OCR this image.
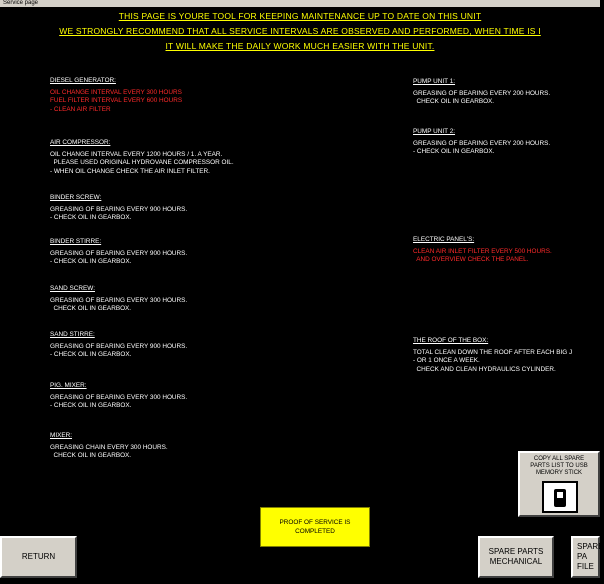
Service page
THIS PAGE IS YOURE TOOL FOR KEEPING MAINTENANCE UP TO DATE ON THIS UNIT
WE STRONGLY RECOMMEND THAT ALL SERVICE INTERVALS ARE OBSERVED AND PERFORMED, WHEN TIME IS I
IT WILL MAKE THE DAILY WORK MUCH EASIER WITH THE UNIT.
DIESEL GENERATOR:
OIL CHANGE INTERVAL EVERY 300 HOURS
FUEL FILTER INTERVAL EVERY 600 HOURS
- CLEAN AIR FILTER
AIR COMPRESSOR:
OIL CHANGE INTERVAL EVERY 1200 HOURS / 1. A YEAR.
PLEASE USED ORIGINAL HYDROVANE COMPRESSOR OIL.
- WHEN OIL CHANGE CHECK THE AIR INLET FILTER.
BINDER SCREW:
GREASING OF BEARING EVERY 900 HOURS.
- CHECK OIL IN GEARBOX.
BINDER STIRRE:
GREASING OF BEARING EVERY 900 HOURS.
- CHECK OIL IN GEARBOX.
SAND SCREW:
GREASING OF BEARING EVERY 300 HOURS.
CHECK OIL IN GEARBOX.
SAND STIRRE:
GREASING OF BEARING EVERY 900 HOURS.
- CHECK OIL IN GEARBOX.
PIG. MIXER:
GREASING OF BEARING EVERY 300 HOURS.
- CHECK OIL IN GEARBOX.
MIXER:
GREASING CHAIN EVERY 300 HOURS.
CHECK OIL IN GEARBOX.
PUMP UNIT 1:
GREASING OF BEARING EVERY 200 HOURS.
CHECK OIL IN GEARBOX.
PUMP UNIT 2:
GREASING OF BEARING EVERY 200 HOURS.
- CHECK OIL IN GEARBOX.
ELECTRIC PANEL'S:
CLEAN AIR INLET FILTER EVERY 500 HOURS.
AND OVERVIEW CHECK THE PANEL.
THE ROOF OF THE BOX:
TOTAL CLEAN DOWN THE ROOF AFTER EACH BIG J
- OR 1 ONCE A WEEK.
CHECK AND CLEAN HYDRAULICS CYLINDER.
COPY ALL SPARE PARTS LIST TO USB MEMORY STICK
PROOF OF SERVICE IS COMPLETED
RETURN
SPARE PARTS MECHANICAL
SPARE PA FILE
